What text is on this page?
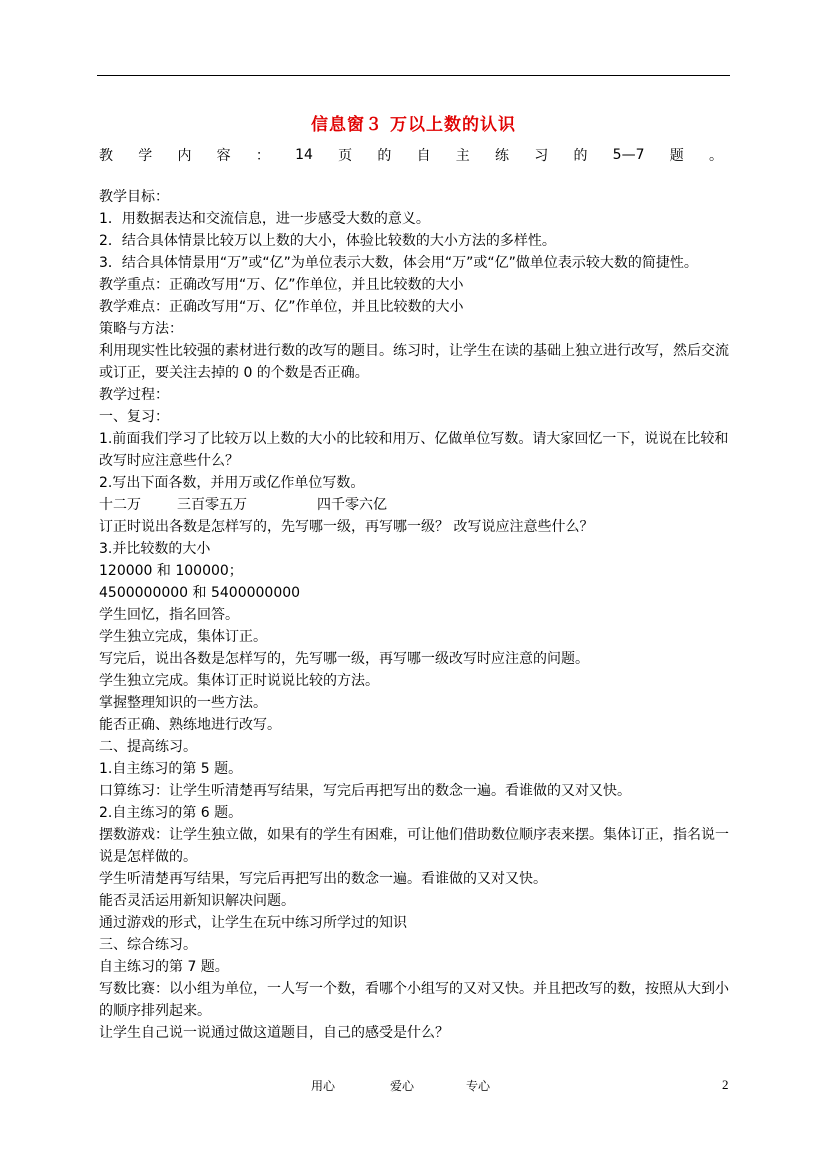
信息窗３ 万以上数的认识
教 学 内 容 ： 14 页 的 自 主 练 习 的 5—7 题 。

教学目标：

1．用数据表达和交流信息，进一步感受大数的意义。

2．结合具体情景比较万以上数的大小，体验比较数的大小方法的多样性。

3．结合具体情景用“万”或“亿”为单位表示大数，体会用“万”或“亿”做单位表示较大数的简捷性。

教学重点：正确改写用“万、亿”作单位，并且比较数的大小

教学难点：正确改写用“万、亿”作单位，并且比较数的大小

策略与方法：

利用现实性比较强的素材进行数的改写的题目。练习时，让学生在读的基础上独立进行改写，然后交流或订正，要关注去掉的 0 的个数是否正确。

教学过程：

一、复习：

1.前面我们学习了比较万以上数的大小的比较和用万、亿做单位写数。请大家回忆一下，说说在比较和改写时应注意些什么？

2.写出下面各数，并用万或亿作单位写数。

十二万	三百零五万	四千零六亿

订正时说出各数是怎样写的，先写哪一级，再写哪一级？ 改写说应注意些什么？

3.并比较数的大小

120000 和 100000；

4500000000 和 5400000000

学生回忆，指名回答。

学生独立完成，集体订正。

写完后，说出各数是怎样写的，先写哪一级，再写哪一级改写时应注意的问题。

学生独立完成。集体订正时说说比较的方法。

掌握整理知识的一些方法。

能否正确、熟练地进行改写。

二、提高练习。

1.自主练习的第 5 题。

口算练习：让学生听清楚再写结果，写完后再把写出的数念一遍。看谁做的又对又快。

2.自主练习的第 6 题。

摆数游戏：让学生独立做，如果有的学生有困难，可让他们借助数位顺序表来摆。集体订正，指名说一说是怎样做的。

学生听清楚再写结果，写完后再把写出的数念一遍。看谁做的又对又快。

能否灵活运用新知识解决问题。

通过游戏的形式，让学生在玩中练习所学过的知识

三、综合练习。

自主练习的第 7 题。

写数比赛：以小组为单位，一人写一个数，看哪个小组写的又对又快。并且把改写的数，按照从大到小的顺序排列起来。

让学生自己说一说通过做这道题目，自己的感受是什么？

用心	爱心	专心	2
